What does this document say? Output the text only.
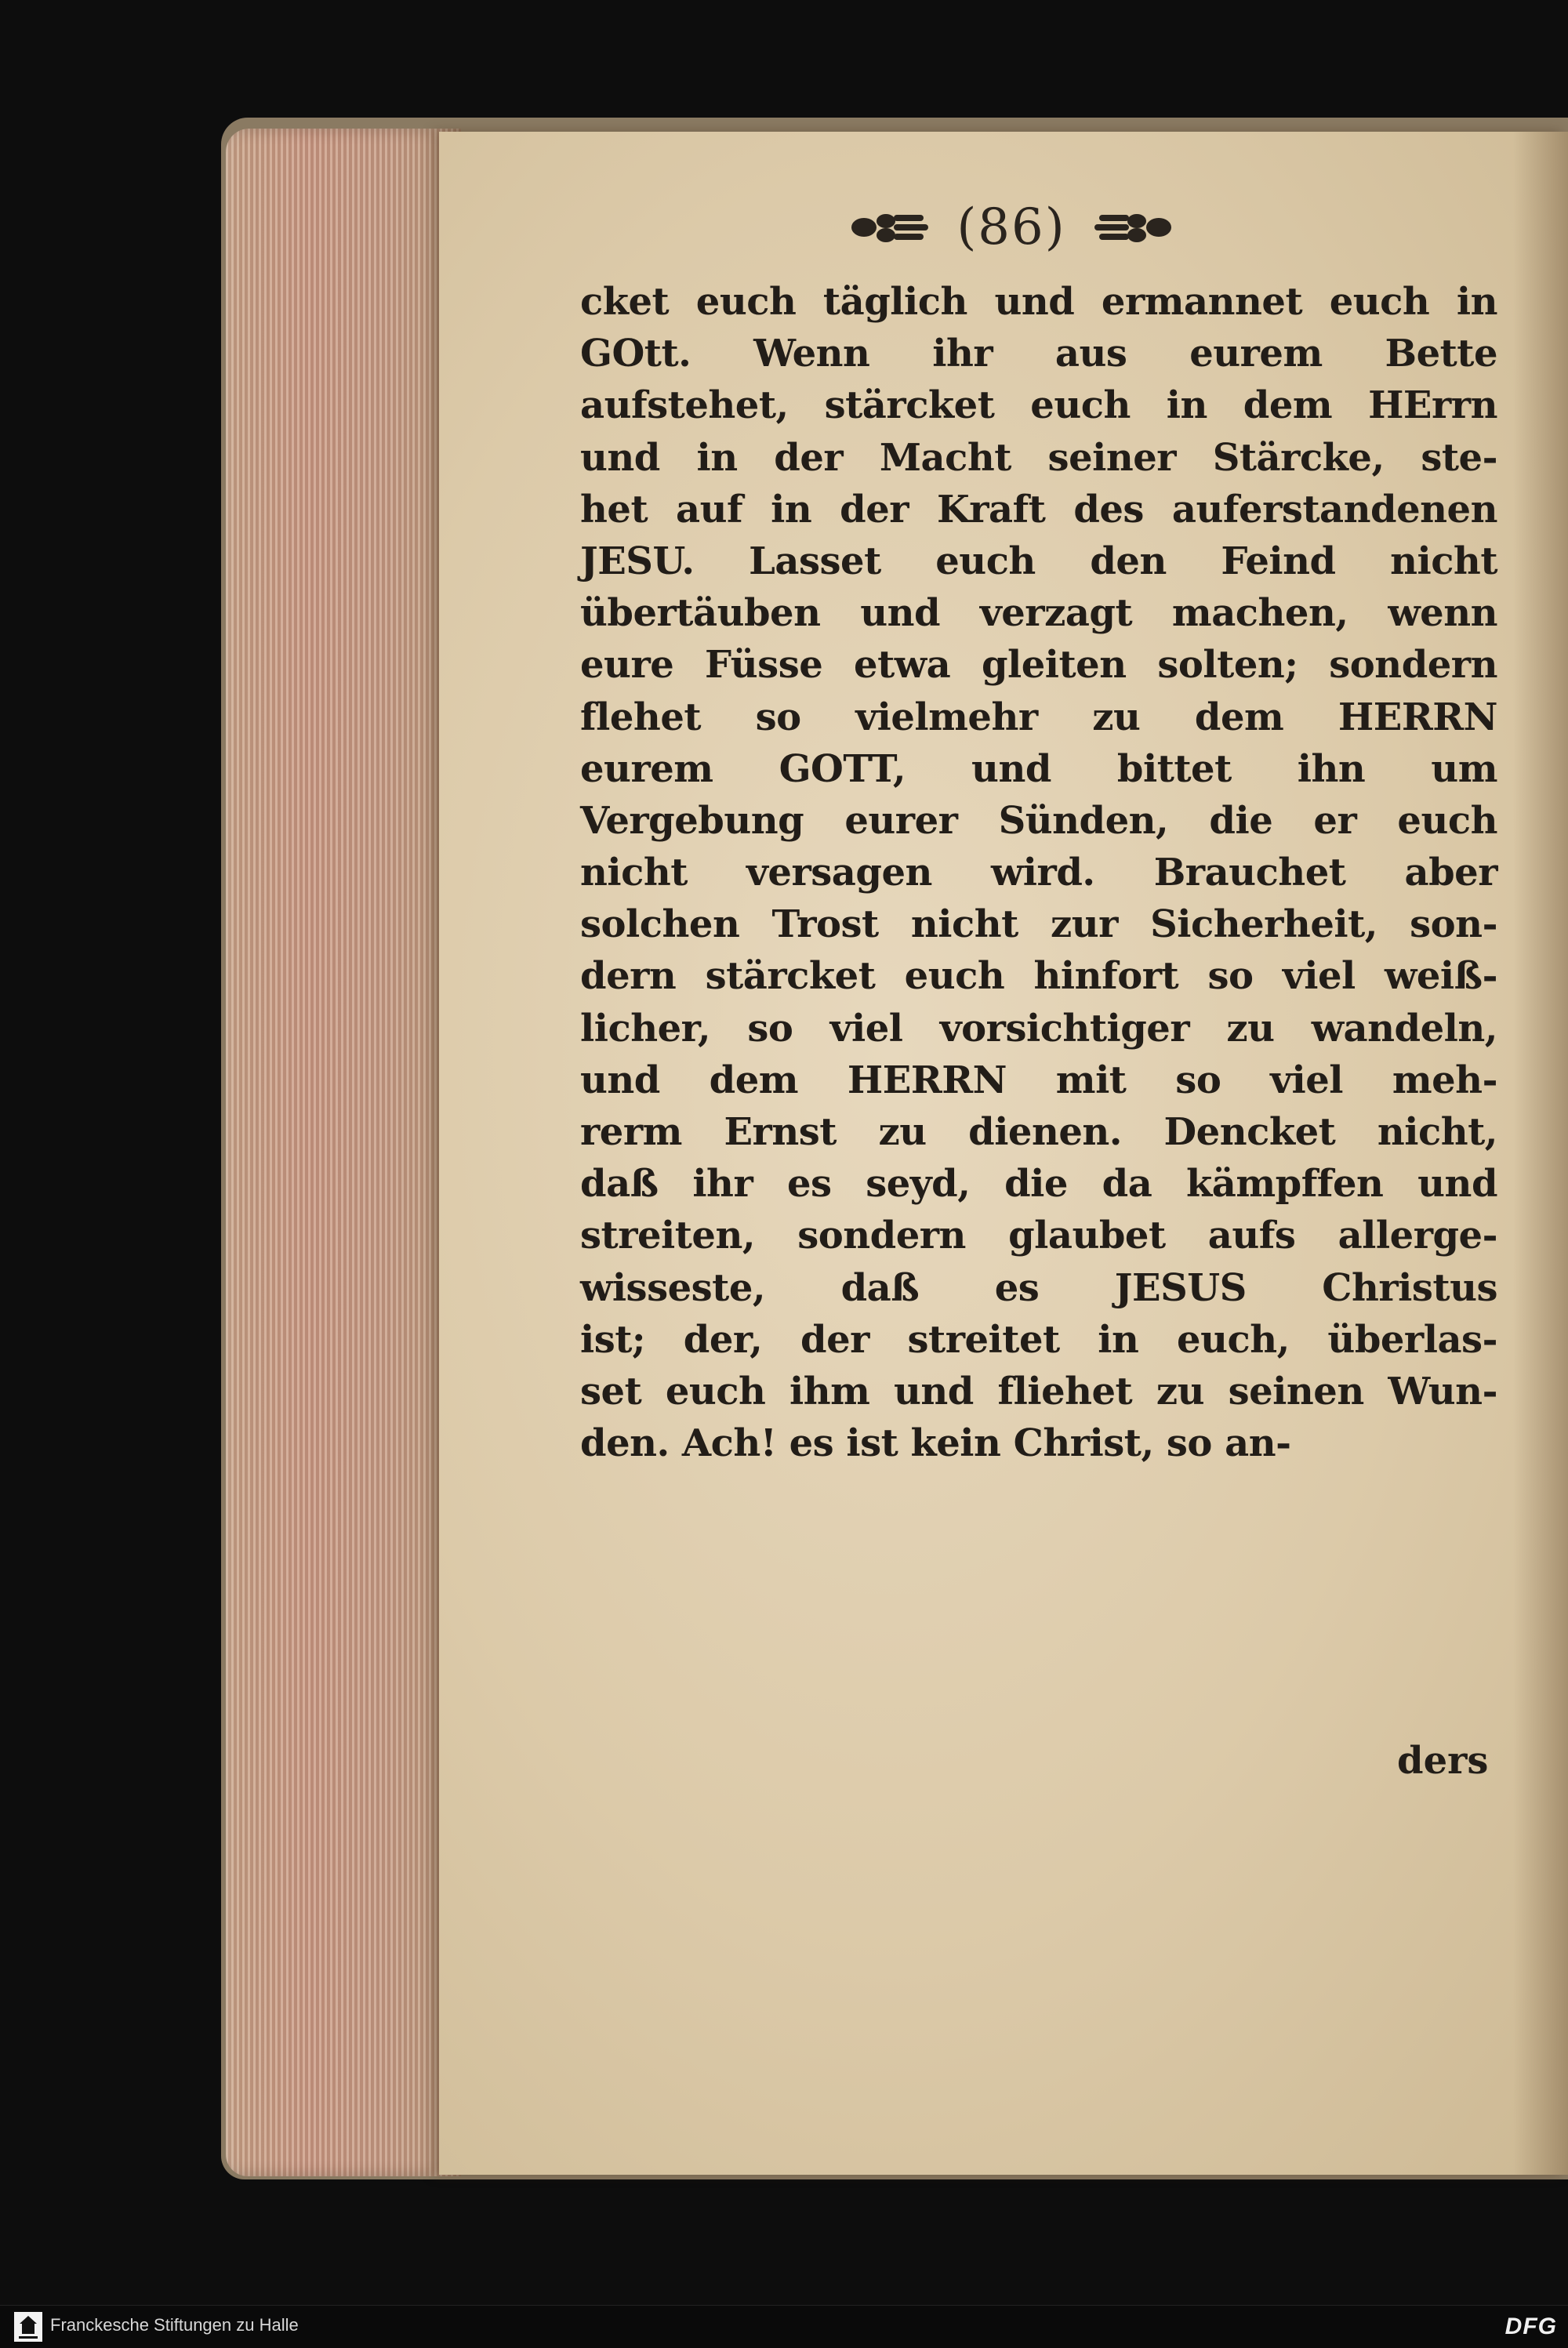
(86)
cket euch täglich und ermannet euch in
GOtt. Wenn ihr aus eurem Bette
aufstehet, stärcket euch in dem HErrn
und in der Macht seiner Stärcke, ste-
het auf in der Kraft des auferstandenen
JESU. Lasset euch den Feind nicht
übertäuben und verzagt machen, wenn
eure Füsse etwa gleiten solten; sondern
flehet so vielmehr zu dem HERRN
eurem GOTT, und bittet ihn um
Vergebung eurer Sünden, die er euch
nicht versagen wird. Brauchet aber
solchen Trost nicht zur Sicherheit, son-
dern stärcket euch hinfort so viel weiß-
licher, so viel vorsichtiger zu wandeln,
und dem HERRN mit so viel meh-
rerm Ernst zu dienen. Dencket nicht,
daß ihr es seyd, die da kämpffen und
streiten, sondern glaubet aufs allerge-
wisseste, daß es JESUS Christus
ist; der, der streitet in euch, überlas-
set euch ihm und fliehet zu seinen Wun-
den. Ach! es ist kein Christ, so an-
ders
Franckesche Stiftungen zu Halle	DFG
